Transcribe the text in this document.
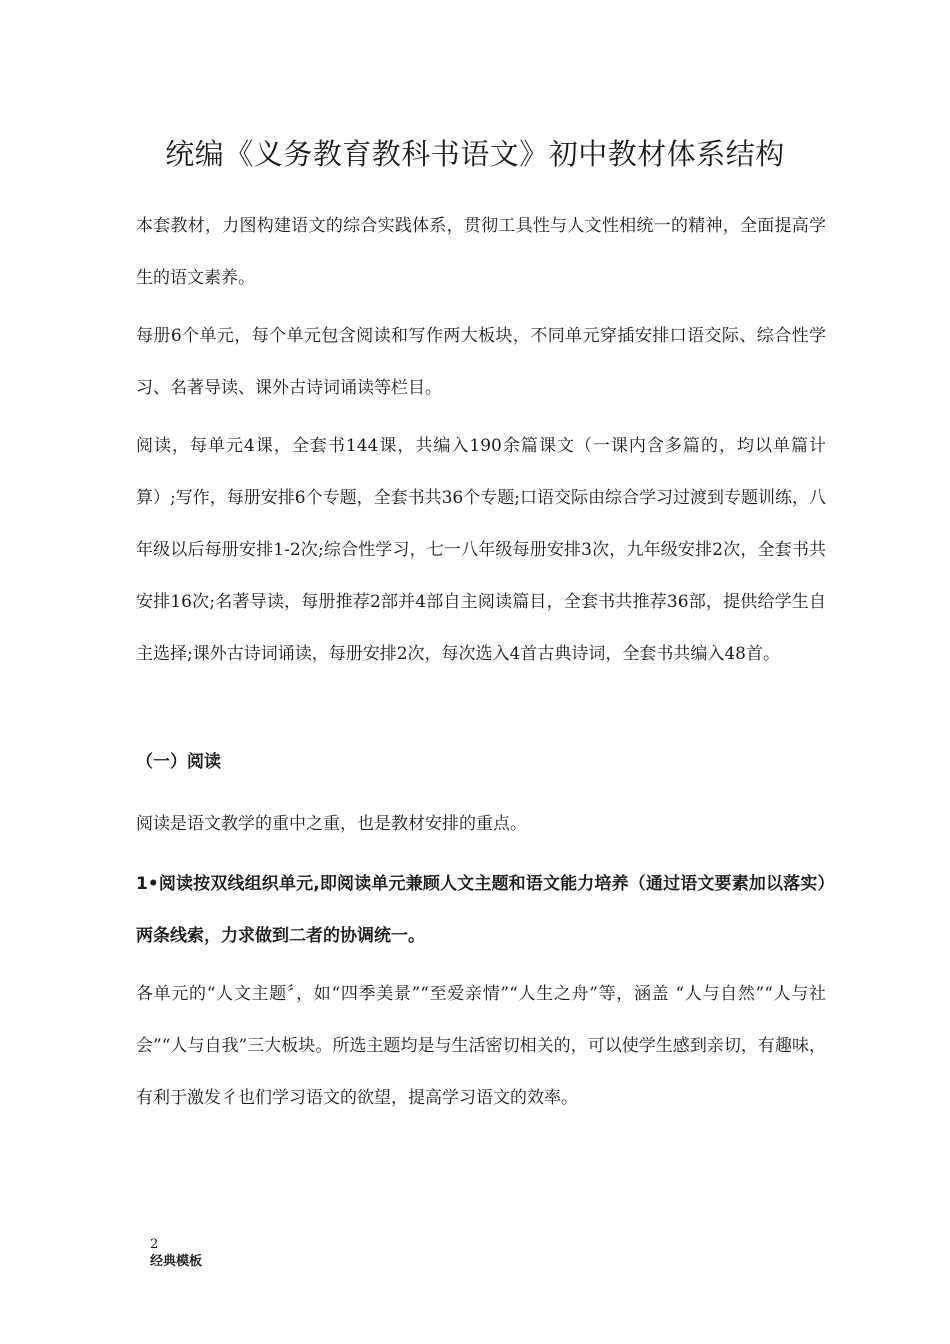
统编《义务教育教科书语文》初中教材体系结构

本套教材，力图构建语文的综合实践体系，贯彻工具性与人文性相统一的精神，全面提高学生的语文素养。

每册6个单元，每个单元包含阅读和写作两大板块，不同单元穿插安排口语交际、综合性学习、名著导读、课外古诗词诵读等栏目。

阅读，每单元4课，全套书144课，共编入190余篇课文（一课内含多篇的，均以单篇计算）;写作，每册安排6个专题，全套书共36个专题;口语交际由综合学习过渡到专题训练，八年级以后每册安排1-2次;综合性学习，七一八年级每册安排3次，九年级安排2次，全套书共安排16次;名著导读，每册推荐2部并4部自主阅读篇目，全套书共推荐36部，提供给学生自主选择;课外古诗词诵读，每册安排2次，每次选入4首古典诗词，全套书共编入48首。

（一）阅读

阅读是语文教学的重中之重，也是教材安排的重点。

1•阅读按双线组织单元,即阅读单元兼顾人文主题和语文能力培养（通过语文要素加以落实）两条线索，力求做到二者的协调统一。

各单元的“人文主题〞，如“四季美景”“至爱亲情”“人生之舟”等，涵盖 “人与自然”“人与社会”“人与自我”三大板块。所选主题均是与生活密切相关的，可以使学生感到亲切，有趣味，有利于激发彳也们学习语文的欲望，提高学习语文的效率。

2
经典模板
